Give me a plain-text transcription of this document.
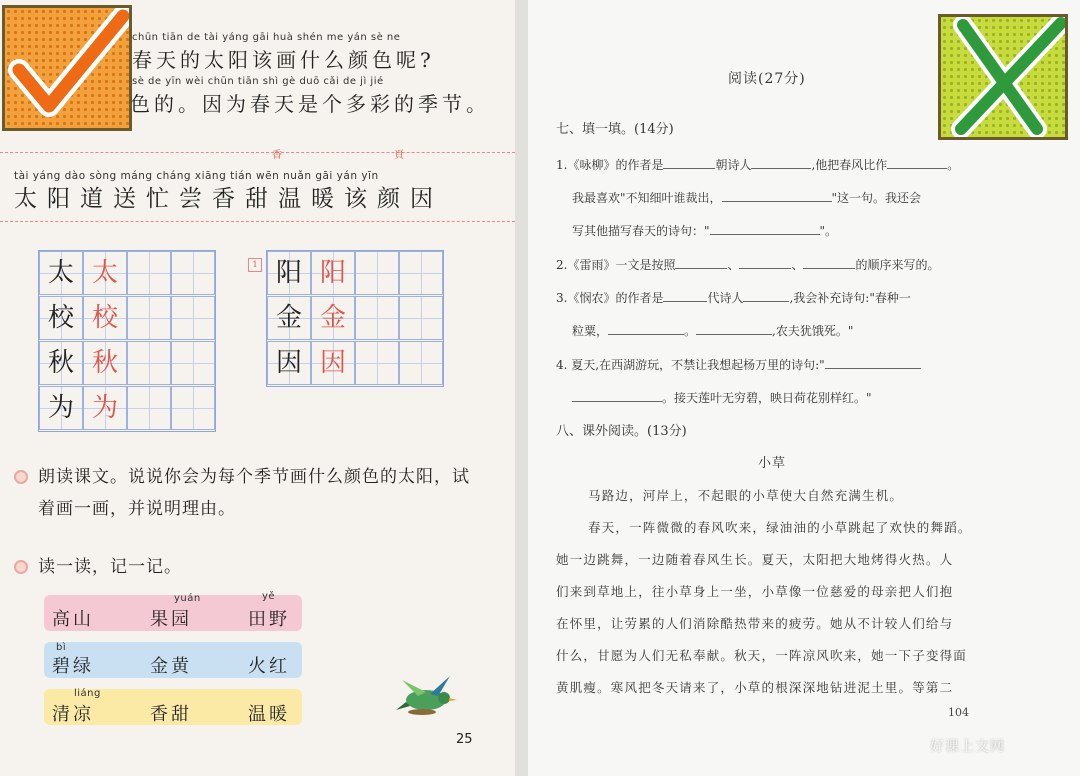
chūn tiān de tài yáng gāi huà shén me yán sè ne
春天的太阳该画什么颜色呢?
sè de yīn wèi chūn tiān shì gè duō cǎi de jì jié
色的。因为春天是个多彩的季节。
香	頁
tài yáng dào sòng máng cháng xiāng tián wēn nuǎn gāi yán yīn
太阳道送忙尝香甜温暖该颜因
太 太
校 校
秋 秋
为 为
1 阳 阳
金 金
因 因
朗读课文。说说你会为每个季节画什么颜色的太阳，试
着画一画，并说明理由。
读一读，记一记。
yuán	yě
高山	果园	田野
bì
碧绿	金黄	火红
liáng
清凉	香甜	温暖
25
阅读(27分)
七、填一填。(14分)
1.《咏柳》的作者是	朝诗人	,他把春风比作	。
我最喜欢"不知细叶谁裁出，	"这一句。我还会
写其他描写春天的诗句："	"。
2.《雷雨》一文是按照	、	、	的顺序来写的。
3.《悯农》的作者是	代诗人	,我会补充诗句:"春种一
粒粟，	。	,农夫犹饿死。"
4. 夏天,在西湖游玩，不禁让我想起杨万里的诗句:"
。接天莲叶无穷碧，映日荷花别样红。"
八、课外阅读。(13分)
小草
马路边，河岸上，不起眼的小草使大自然充满生机。
春天，一阵微微的春风吹来，绿油油的小草跳起了欢快的舞蹈。
她一边跳舞，一边随着春风生长。夏天，太阳把大地烤得火热。人
们来到草地上，往小草身上一坐，小草像一位慈爱的母亲把人们抱
在怀里，让劳累的人们消除酷热带来的疲劳。她从不计较人们给与
什么，甘愿为人们无私奉献。秋天，一阵凉风吹来，她一下子变得面
黄肌瘦。寒风把冬天请来了，小草的根深深地钻进泥土里。等第二
104
好课上文网
